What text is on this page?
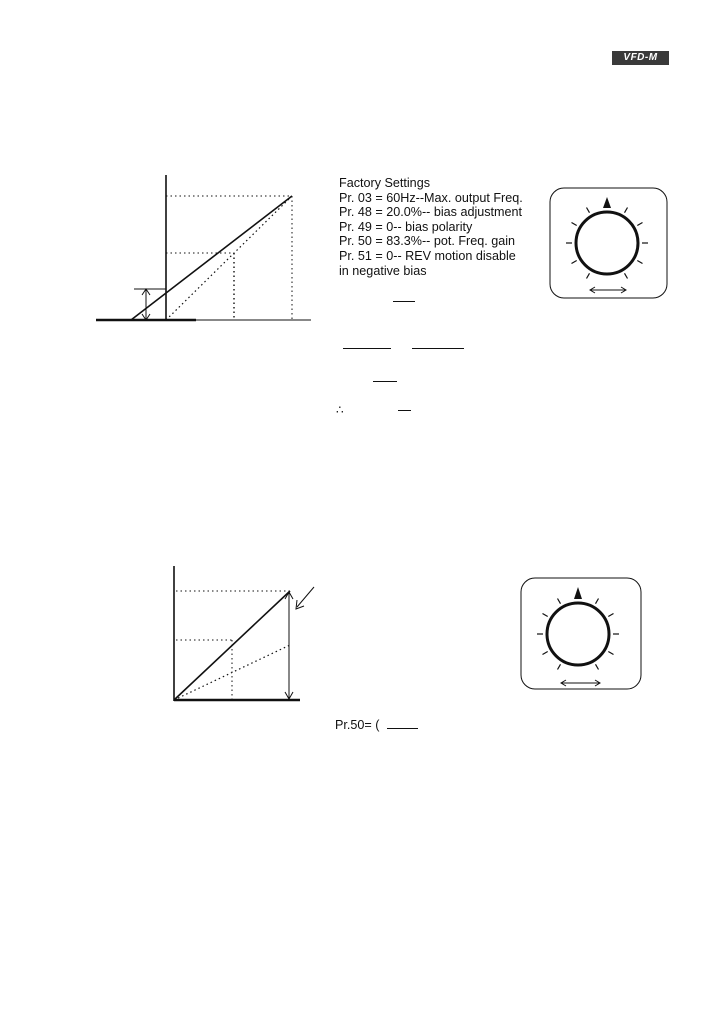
VFD-M
Factory Settings
Pr. 03 = 60Hz--Max. output Freq.
Pr. 48 = 20.0%-- bias adjustment
Pr. 49 = 0-- bias polarity
Pr. 50 = 83.3%-- pot. Freq. gain
Pr. 51 = 0-- REV motion disable
in negative bias
∴
Pr.50= (
